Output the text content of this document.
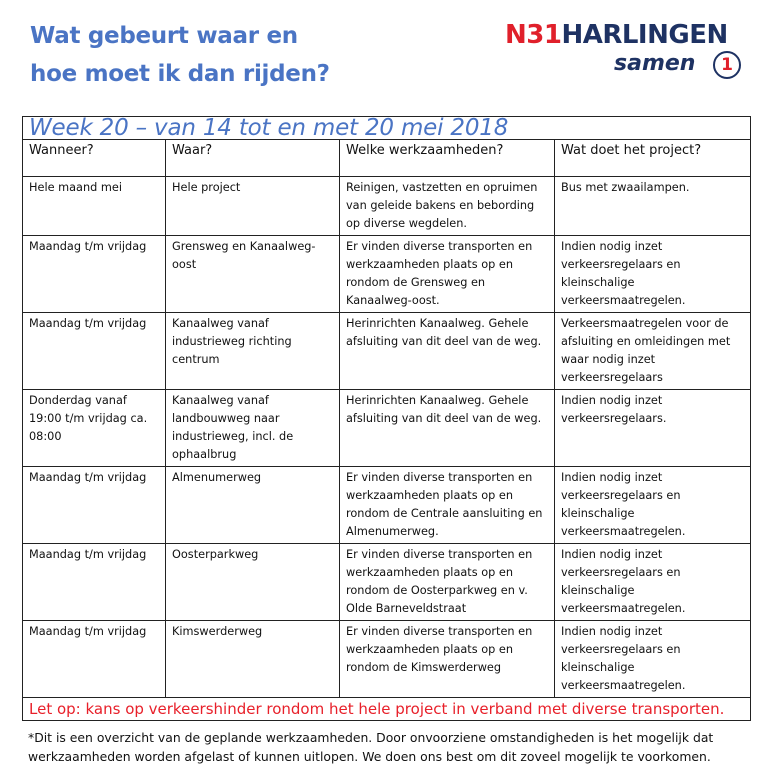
Wat gebeurt waar en
hoe moet ik dan rijden?
N31HARLINGEN
samen	1
Week 20 – van 14 tot en met 20 mei 2018			
Wanneer?	Waar?	Welke werkzaamheden?	Wat doet het project?
Hele maand mei	Hele project	Reinigen, vastzetten en opruimen van geleide bakens en bebording op diverse wegdelen.	Bus met zwaailampen.
Maandag t/m vrijdag	Grensweg en Kanaalweg-oost	Er vinden diverse transporten en werkzaamheden plaats op en rondom de Grensweg en Kanaalweg-oost.	Indien nodig inzet verkeersregelaars en kleinschalige verkeersmaatregelen.
Maandag t/m vrijdag	Kanaalweg vanaf industrieweg richting centrum	Herinrichten Kanaalweg. Gehele afsluiting van dit deel van de weg.	Verkeersmaatregelen voor de afsluiting en omleidingen met waar nodig inzet verkeersregelaars
Donderdag vanaf 19:00 t/m vrijdag ca. 08:00	Kanaalweg vanaf landbouwweg naar industrieweg, incl. de ophaalbrug	Herinrichten Kanaalweg. Gehele afsluiting van dit deel van de weg.	Indien nodig inzet verkeersregelaars.
Maandag t/m vrijdag	Almenumerweg	Er vinden diverse transporten en werkzaamheden plaats op en rondom de Centrale aansluiting en Almenumerweg.	Indien nodig inzet verkeersregelaars en kleinschalige verkeersmaatregelen.
Maandag t/m vrijdag	Oosterparkweg	Er vinden diverse transporten en werkzaamheden plaats op en rondom de Oosterparkweg en v. Olde Barneveldstraat	Indien nodig inzet verkeersregelaars en kleinschalige verkeersmaatregelen.
Maandag t/m vrijdag	Kimswerderweg	Er vinden diverse transporten en werkzaamheden plaats op en rondom de Kimswerderweg	Indien nodig inzet verkeersregelaars en kleinschalige verkeersmaatregelen.
Let op: kans op verkeershinder rondom het hele project in verband met diverse transporten.			
*Dit is een overzicht van de geplande werkzaamheden. Door onvoorziene omstandigheden is het mogelijk dat werkzaamheden worden afgelast of kunnen uitlopen. We doen ons best om dit zoveel mogelijk te voorkomen.
